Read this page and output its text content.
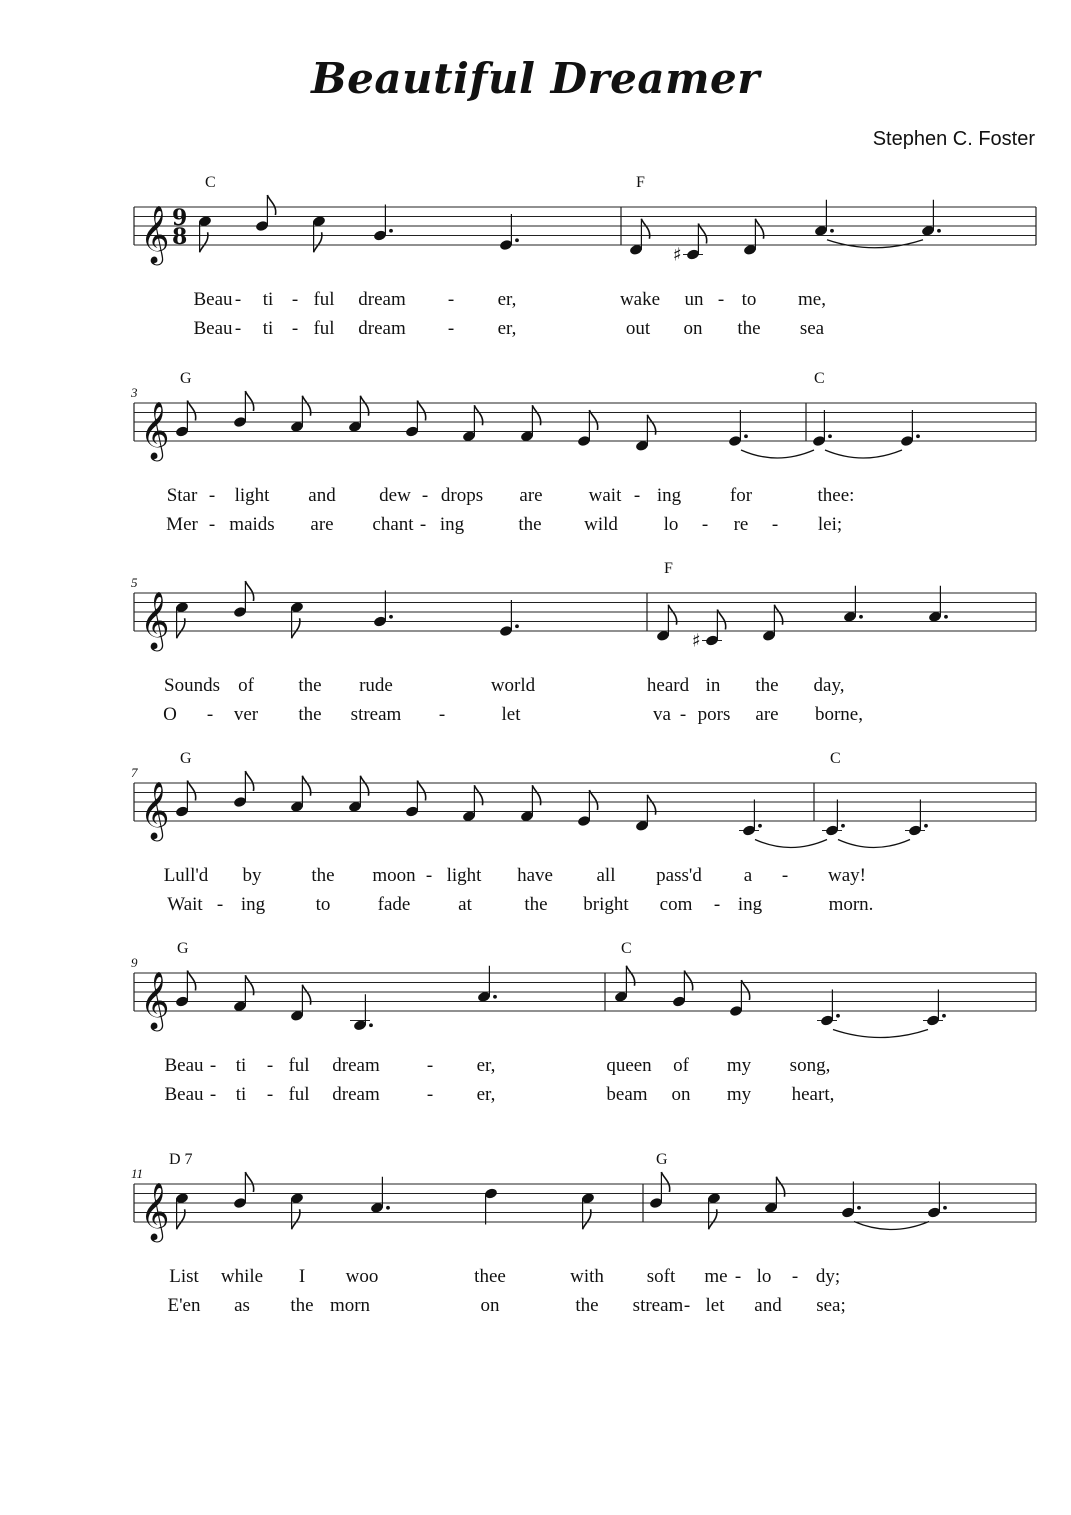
Beautiful Dreamer
Stephen C. Foster
𝄞 9
8
C	F
♯
Beau - ti - ful dream - er,	wake un - to me,
Beau - ti - ful dream - er,	out on the sea
𝄞
3
G	C
Star - light and dew - drops are wait - ing	for	thee:
Mer - maids are chant - ing	the wild lo - re - lei;
𝄞
5
F
♯
Sounds of the rude	world	heard in the day,
O - ver the stream -	let	va - pors are borne,
𝄞
7
G	C
Lull'd by	the moon - light have all pass'd a - way!
Wait - ing	to fade	at	the bright com - ing	morn.
𝄞
9
G	C
Beau - ti - ful dream - er,	queen of my song,
Beau - ti - ful dream - er,	beam on my heart,
𝄞
11
D 7	G
List while I woo	thee	with soft me - lo - dy;
E'en as the morn	on	the stream - let and sea;
